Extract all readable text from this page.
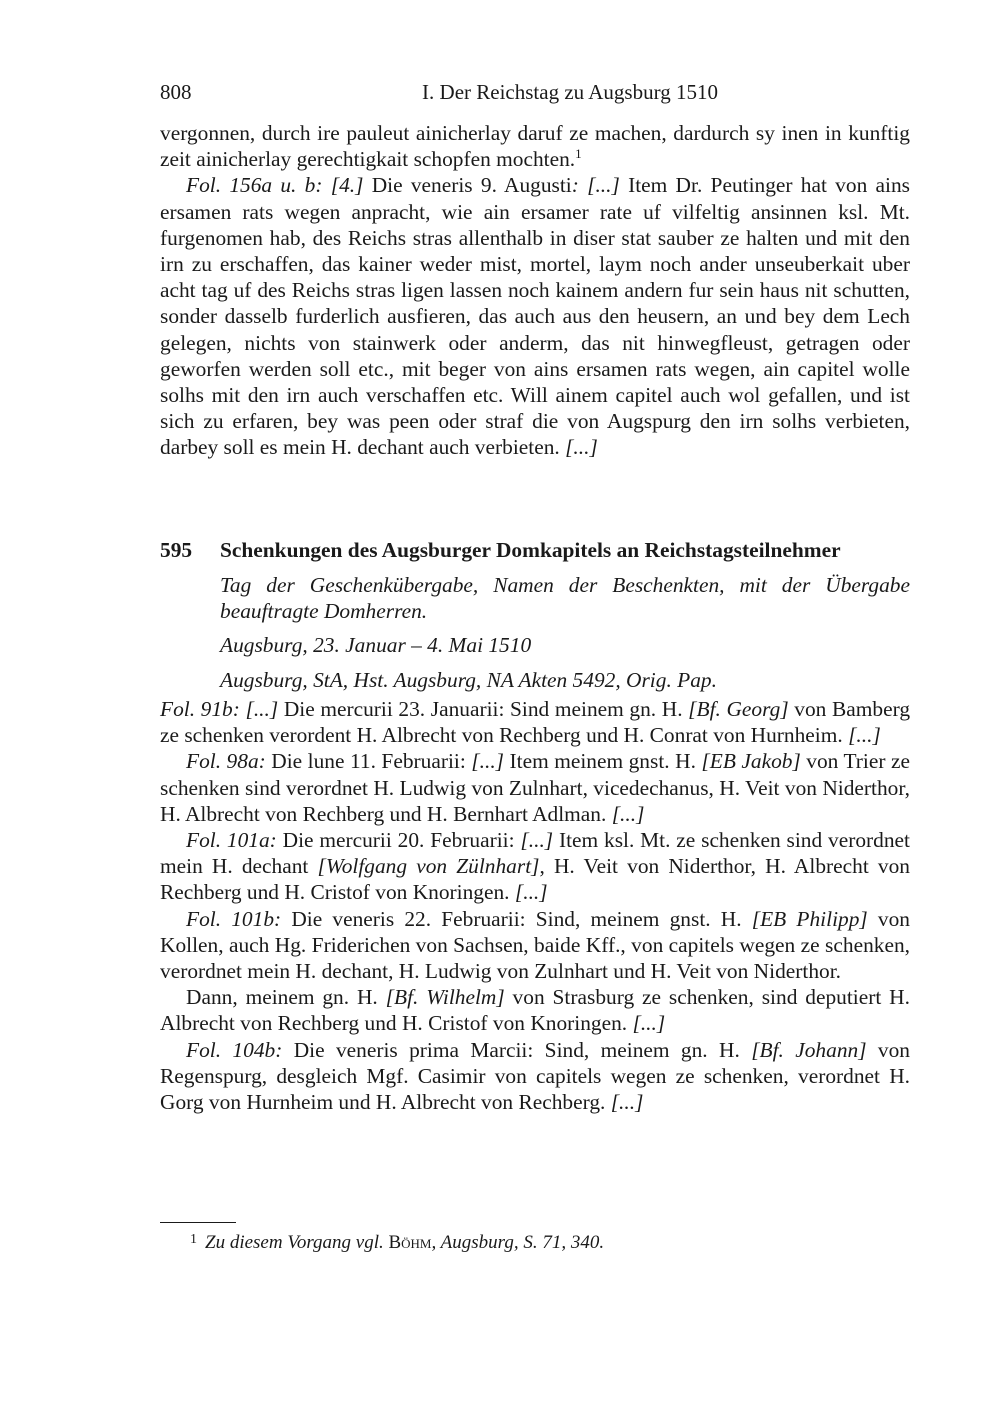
808	I. Der Reichstag zu Augsburg 1510

vergonnen, durch ire pauleut ainicherlay daruf ze machen, dardurch sy inen in kunftig zeit ainicherlay gerechtigkait schopfen mochten.$^1$

Fol. 156a u. b: [4.] Die veneris 9. Augusti: [...] Item Dr. Peutinger hat von ains ersamen rats wegen anpracht, wie ain ersamer rate uf vilfeltig ansinnen ksl. Mt. furgenomen hab, des Reichs stras allenthalb in diser stat sauber ze halten und mit den irn zu erschaffen, das kainer weder mist, mortel, laym noch ander unseuberkait uber acht tag uf des Reichs stras ligen lassen noch kainem andern fur sein haus nit schutten, sonder dasselb furderlich ausfieren, das auch aus den heusern, an und bey dem Lech gelegen, nichts von stainwerk oder anderm, das nit hinwegfleust, getragen oder geworfen werden soll etc., mit beger von ains ersamen rats wegen, ain capitel wolle solhs mit den irn auch verschaffen etc. Will ainem capitel auch wol gefallen, und ist sich zu erfaren, bey was peen oder straf die von Augspurg den irn solhs verbieten, darbey soll es mein H. dechant auch verbieten. [...]

595	Schenkungen des Augsburger Domkapitels an Reichstagsteilnehmer
Tag der Geschenkübergabe, Namen der Beschenkten, mit der Übergabe beauftragte Domherren.
Augsburg, 23. Januar – 4. Mai 1510
Augsburg, StA, Hst. Augsburg, NA Akten 5492, Orig. Pap.

Fol. 91b: [...] Die mercurii 23. Januarii: Sind meinem gn. H. [Bf. Georg] von Bamberg ze schenken verordent H. Albrecht von Rechberg und H. Conrat von Hurnheim. [...]

Fol. 98a: Die lune 11. Februarii: [...] Item meinem gnst. H. [EB Jakob] von Trier ze schenken sind verordnet H. Ludwig von Zulnhart, vicedechanus, H. Veit von Niderthor, H. Albrecht von Rechberg und H. Bernhart Adlman. [...]

Fol. 101a: Die mercurii 20. Februarii: [...] Item ksl. Mt. ze schenken sind verordnet mein H. dechant [Wolfgang von Zülnhart], H. Veit von Niderthor, H. Albrecht von Rechberg und H. Cristof von Knoringen. [...]

Fol. 101b: Die veneris 22. Februarii: Sind, meinem gnst. H. [EB Philipp] von Kollen, auch Hg. Friderichen von Sachsen, baide Kff., von capitels wegen ze schenken, verordnet mein H. dechant, H. Ludwig von Zulnhart und H. Veit von Niderthor.

Dann, meinem gn. H. [Bf. Wilhelm] von Strasburg ze schenken, sind deputiert H. Albrecht von Rechberg und H. Cristof von Knoringen. [...]

Fol. 104b: Die veneris prima Marcii: Sind, meinem gn. H. [Bf. Johann] von Regenspurg, desgleich Mgf. Casimir von capitels wegen ze schenken, verordnet H. Gorg von Hurnheim und H. Albrecht von Rechberg. [...]

$^1$ Zu diesem Vorgang vgl. Böhm, Augsburg, S. 71, 340.
